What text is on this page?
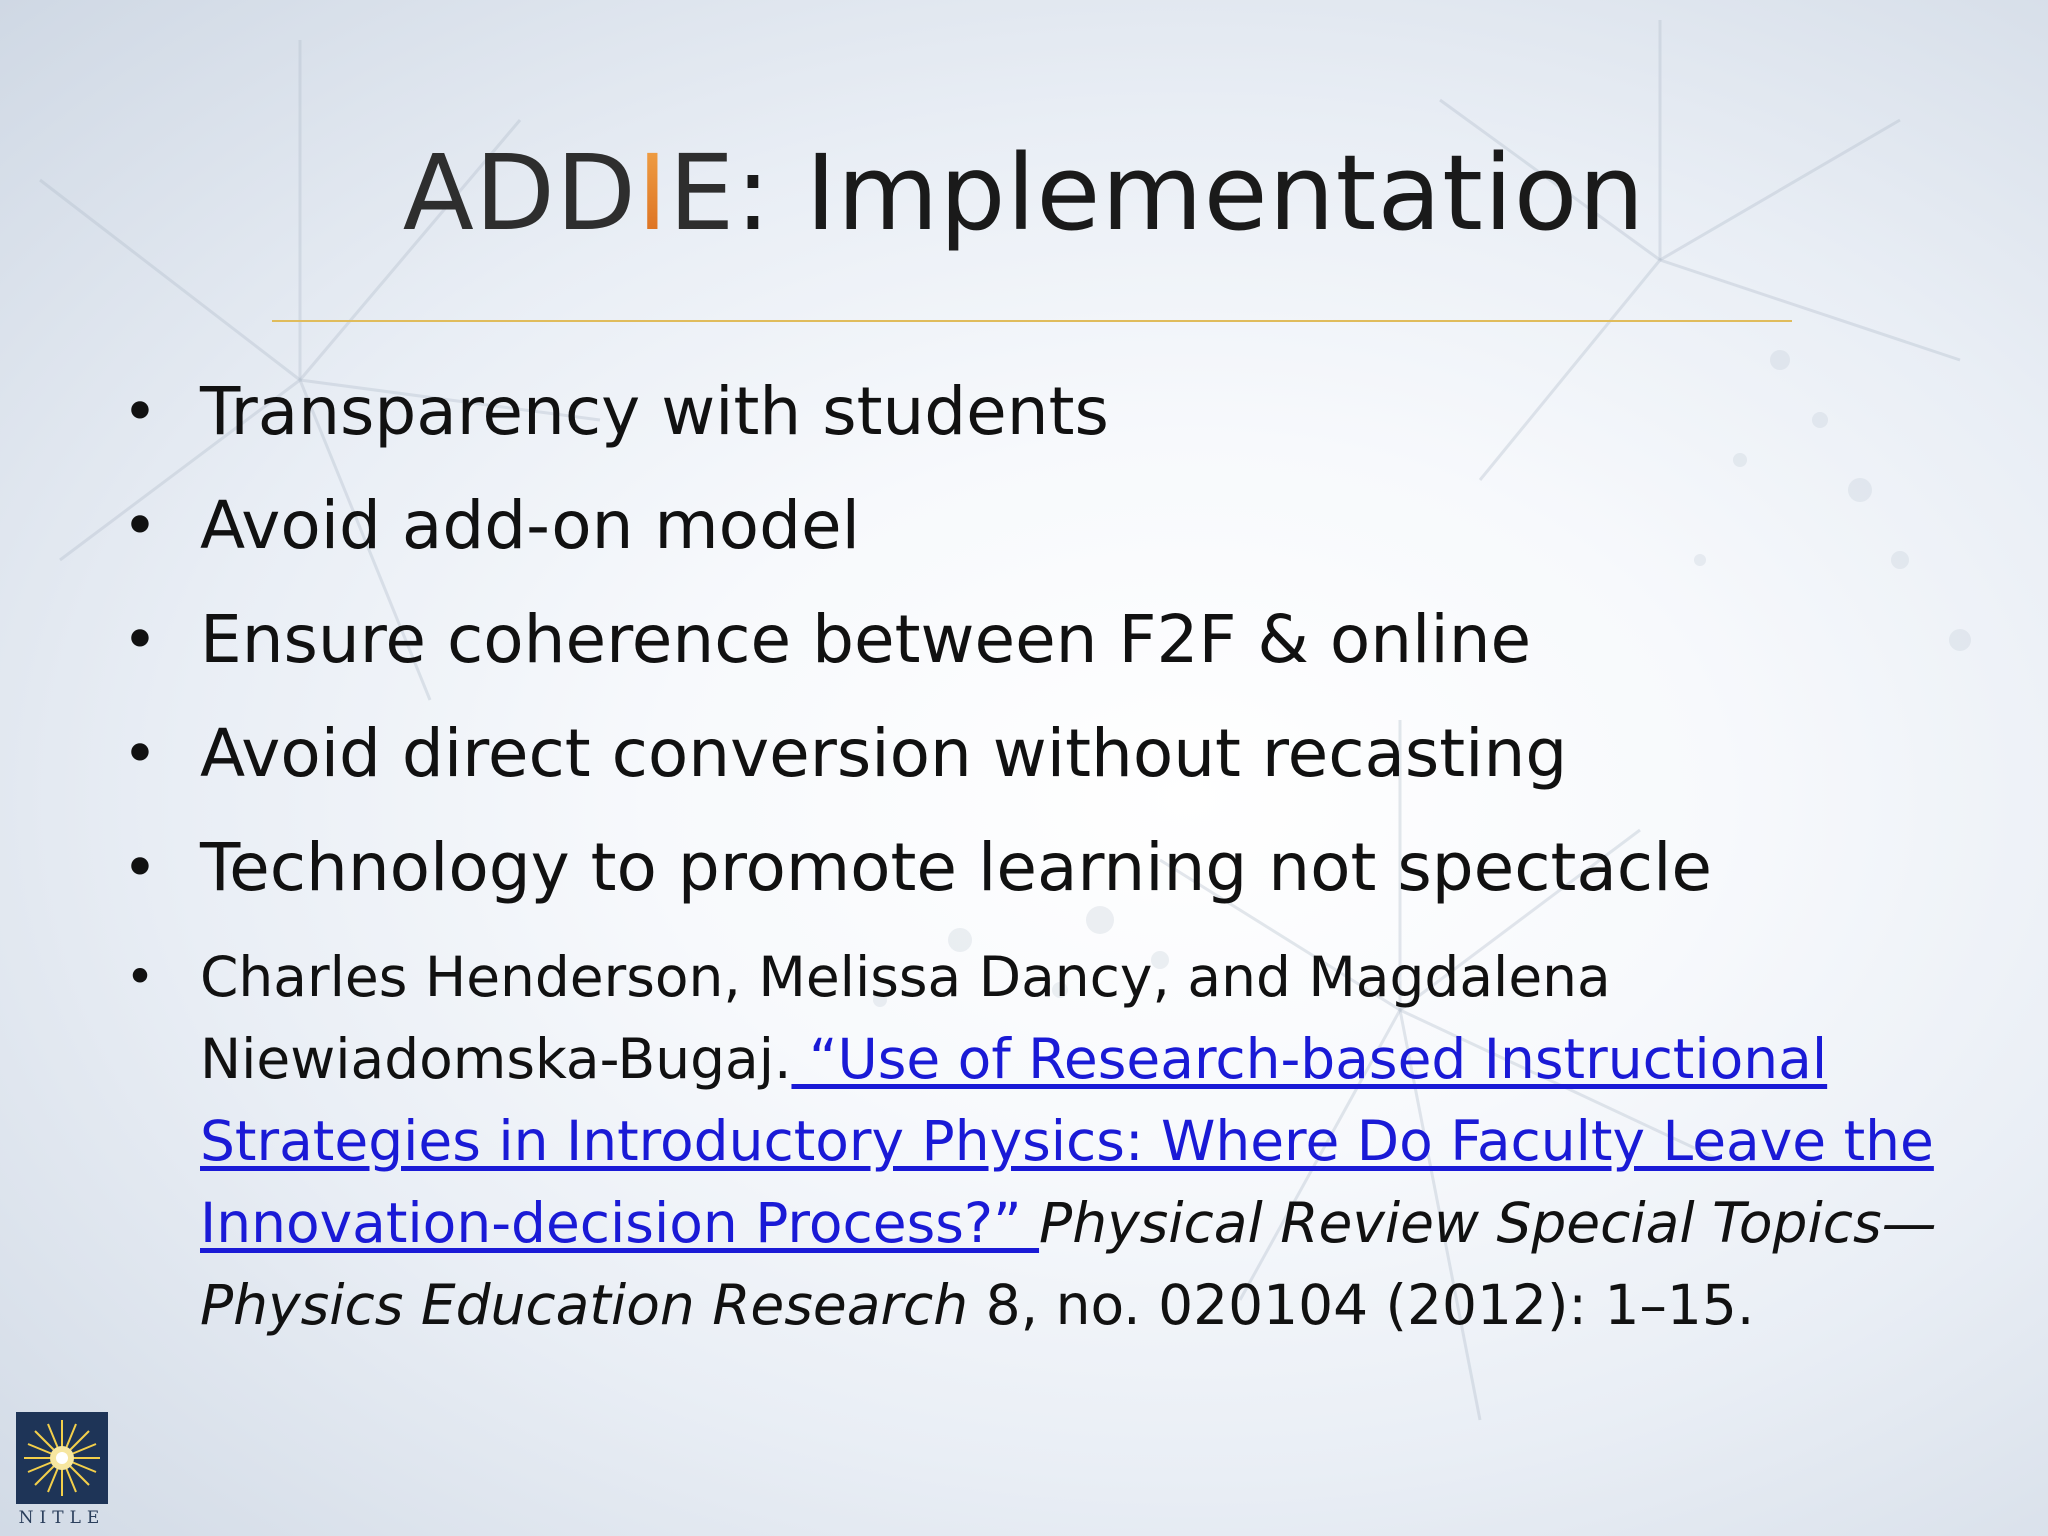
ADDIE: Implementation
• Transparency with students
• Avoid add-on model
• Ensure coherence between F2F & online
• Avoid direct conversion without recasting
• Technology to promote learning not spectacle
• Charles Henderson, Melissa Dancy, and Magdalena Niewiadomska-Bugaj. “Use of Research-based Instructional Strategies in Introductory Physics: Where Do Faculty Leave the Innovation-decision Process?” Physical Review Special Topics—Physics Education Research 8, no. 020104 (2012): 1–15.
NITLE
